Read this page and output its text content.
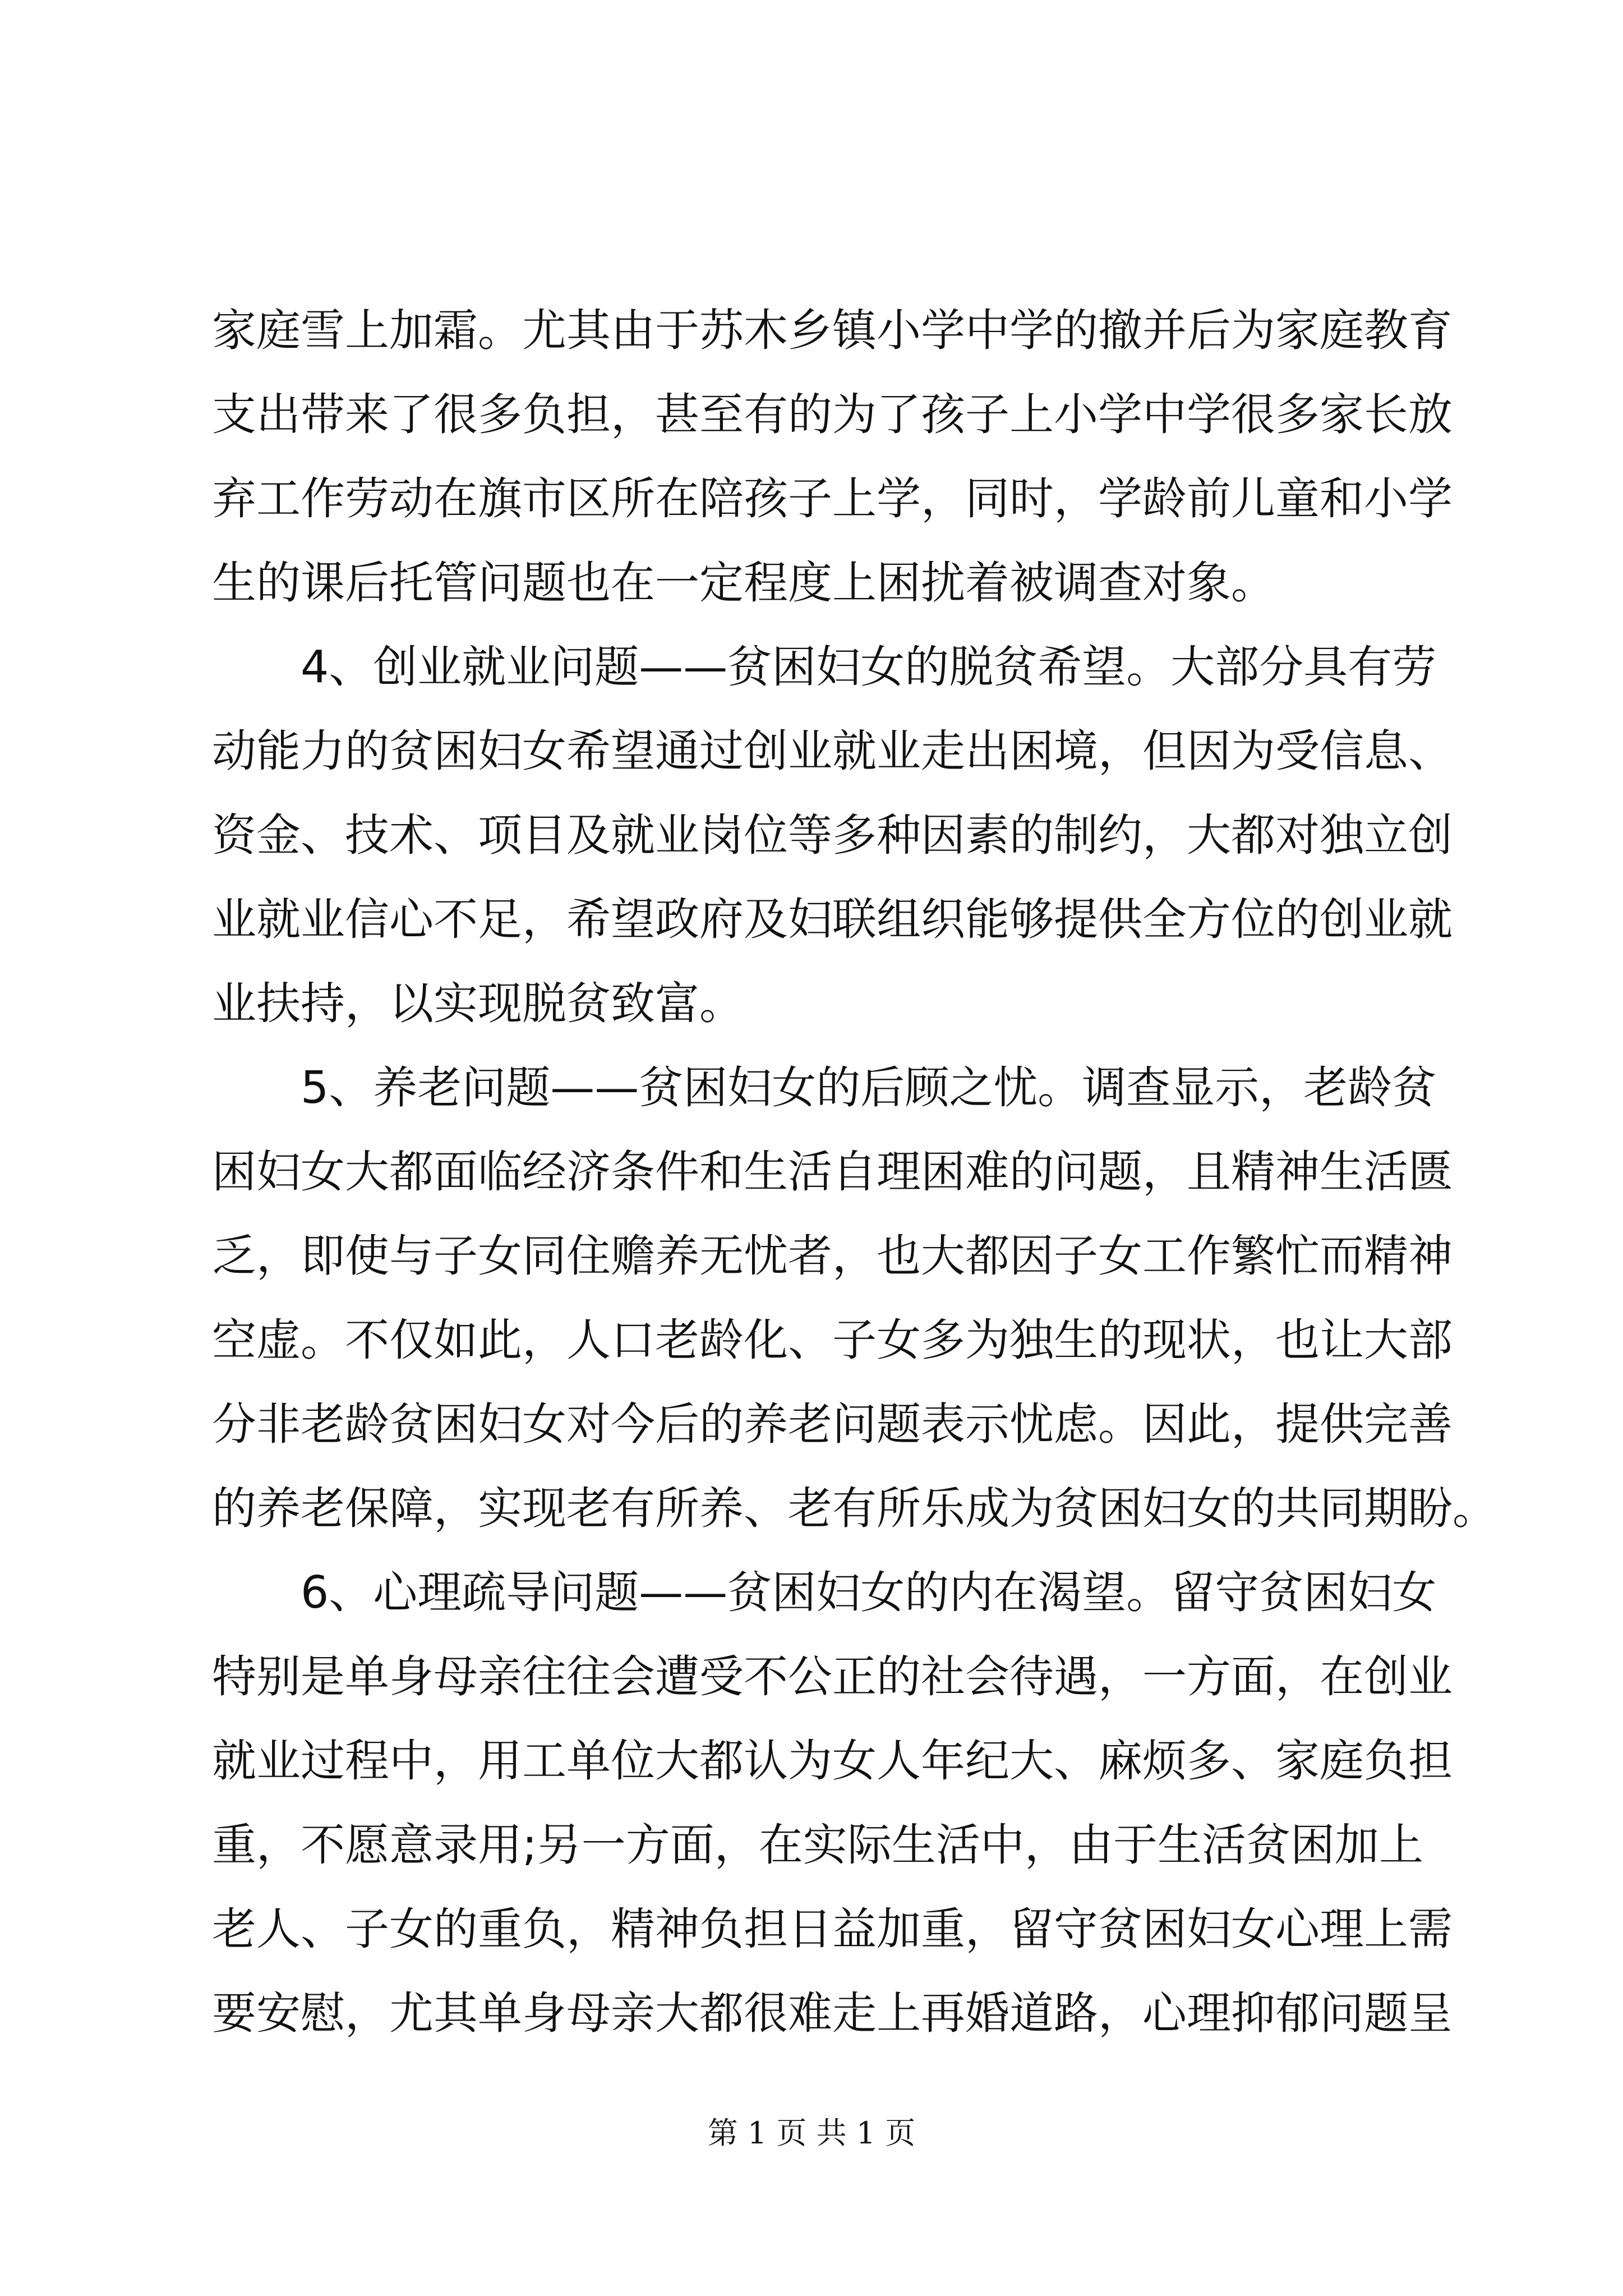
家庭雪上加霜。尤其由于苏木乡镇小学中学的撤并后为家庭教育
支出带来了很多负担，甚至有的为了孩子上小学中学很多家长放
弃工作劳动在旗市区所在陪孩子上学，同时，学龄前儿童和小学
生的课后托管问题也在一定程度上困扰着被调查对象。
4、创业就业问题——贫困妇女的脱贫希望。大部分具有劳
动能力的贫困妇女希望通过创业就业走出困境，但因为受信息、
资金、技术、项目及就业岗位等多种因素的制约，大都对独立创
业就业信心不足，希望政府及妇联组织能够提供全方位的创业就
业扶持，以实现脱贫致富。
5、养老问题——贫困妇女的后顾之忧。调查显示，老龄贫
困妇女大都面临经济条件和生活自理困难的问题，且精神生活匮
乏，即使与子女同住赡养无忧者，也大都因子女工作繁忙而精神
空虚。不仅如此，人口老龄化、子女多为独生的现状，也让大部
分非老龄贫困妇女对今后的养老问题表示忧虑。因此，提供完善
的养老保障，实现老有所养、老有所乐成为贫困妇女的共同期盼。
6、心理疏导问题——贫困妇女的内在渴望。留守贫困妇女
特别是单身母亲往往会遭受不公正的社会待遇，一方面，在创业
就业过程中，用工单位大都认为女人年纪大、麻烦多、家庭负担
重，不愿意录用;另一方面，在实际生活中，由于生活贫困加上
老人、子女的重负，精神负担日益加重，留守贫困妇女心理上需
要安慰，尤其单身母亲大都很难走上再婚道路，心理抑郁问题呈
第 1 页 共 1 页
